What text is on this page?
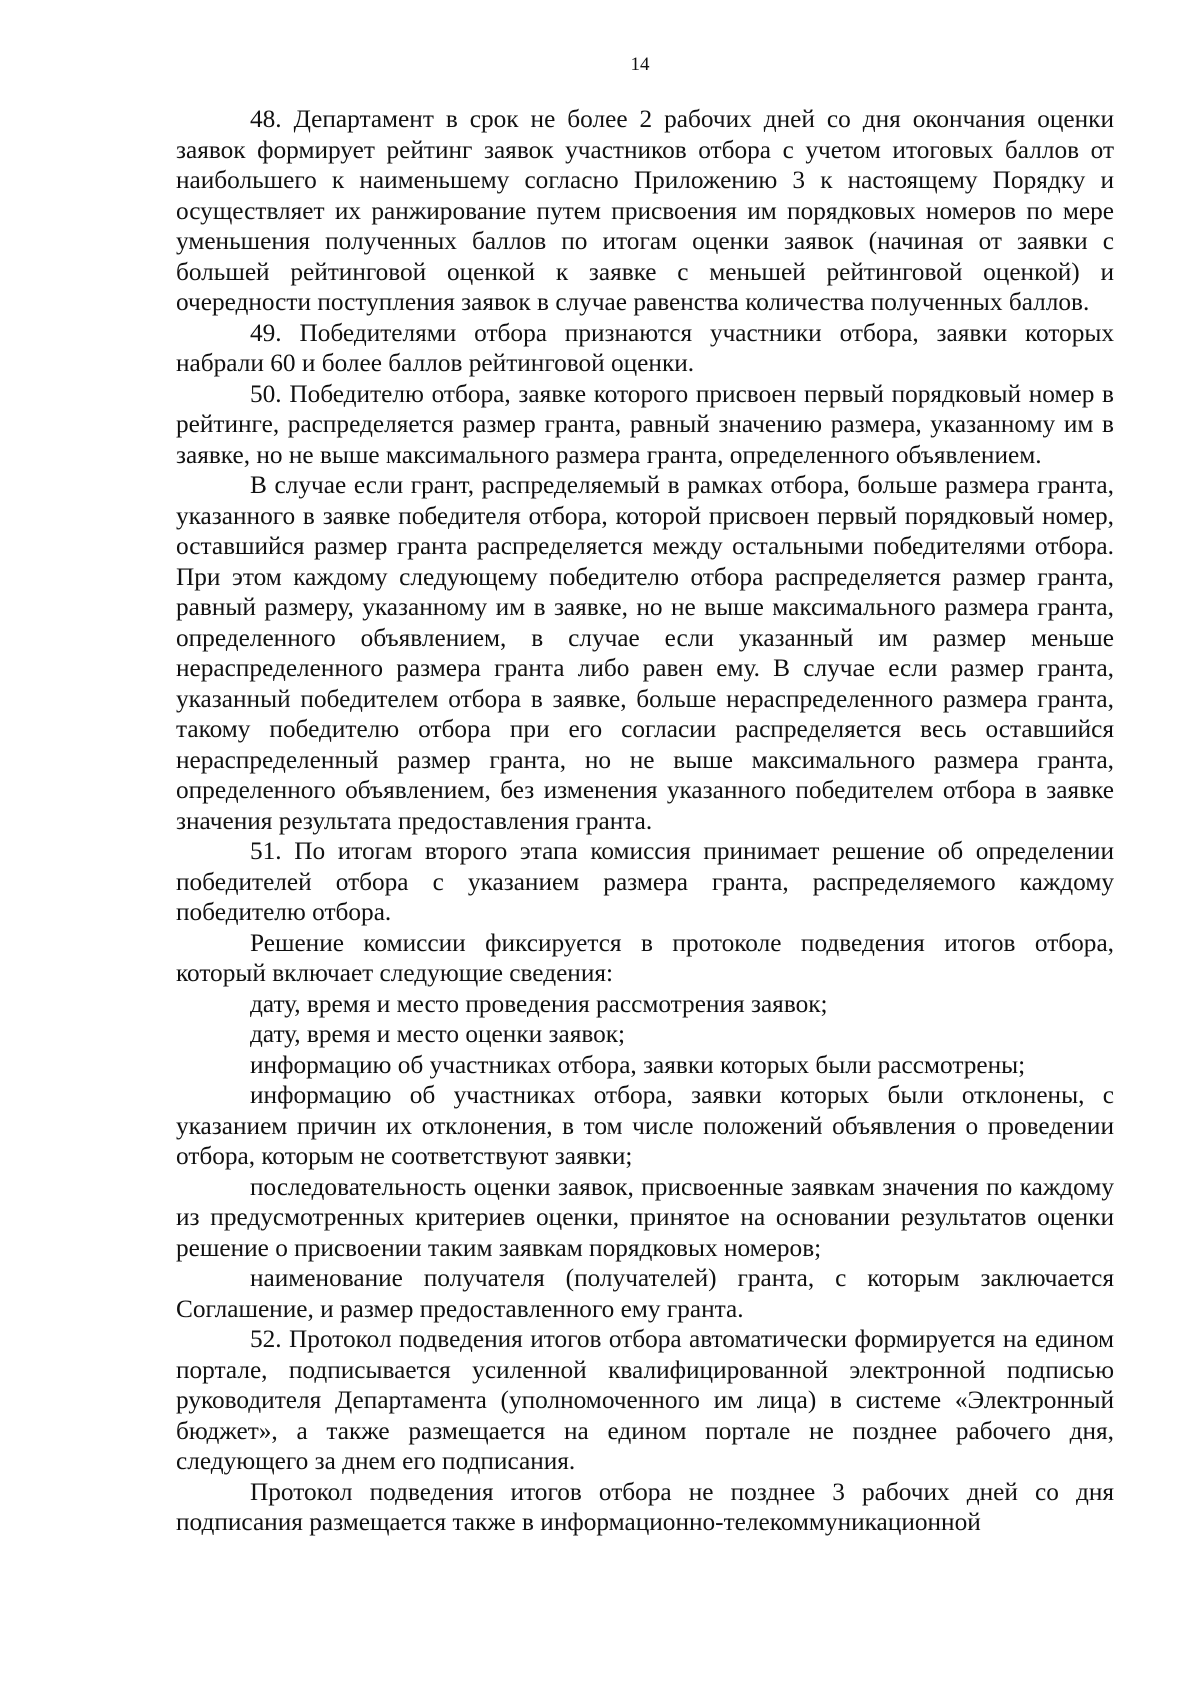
14

48. Департамент в срок не более 2 рабочих дней со дня окончания оценки заявок формирует рейтинг заявок участников отбора с учетом итоговых баллов от наибольшего к наименьшему согласно Приложению 3 к настоящему Порядку и осуществляет их ранжирование путем присвоения им порядковых номеров по мере уменьшения полученных баллов по итогам оценки заявок (начиная от заявки с большей рейтинговой оценкой к заявке с меньшей рейтинговой оценкой) и очередности поступления заявок в случае равенства количества полученных баллов.

49. Победителями отбора признаются участники отбора, заявки которых набрали 60 и более баллов рейтинговой оценки.

50. Победителю отбора, заявке которого присвоен первый порядковый номер в рейтинге, распределяется размер гранта, равный значению размера, указанному им в заявке, но не выше максимального размера гранта, определенного объявлением.

В случае если грант, распределяемый в рамках отбора, больше размера гранта, указанного в заявке победителя отбора, которой присвоен первый порядковый номер, оставшийся размер гранта распределяется между остальными победителями отбора. При этом каждому следующему победителю отбора распределяется размер гранта, равный размеру, указанному им в заявке, но не выше максимального размера гранта, определенного объявлением, в случае если указанный им размер меньше нераспределенного размера гранта либо равен ему. В случае если размер гранта, указанный победителем отбора в заявке, больше нераспределенного размера гранта, такому победителю отбора при его согласии распределяется весь оставшийся нераспределенный размер гранта, но не выше максимального размера гранта, определенного объявлением, без изменения указанного победителем отбора в заявке значения результата предоставления гранта.

51. По итогам второго этапа комиссия принимает решение об определении победителей отбора с указанием размера гранта, распределяемого каждому победителю отбора.

Решение комиссии фиксируется в протоколе подведения итогов отбора, который включает следующие сведения:

дату, время и место проведения рассмотрения заявок;

дату, время и место оценки заявок;

информацию об участниках отбора, заявки которых были рассмотрены;

информацию об участниках отбора, заявки которых были отклонены, с указанием причин их отклонения, в том числе положений объявления о проведении отбора, которым не соответствуют заявки;

последовательность оценки заявок, присвоенные заявкам значения по каждому из предусмотренных критериев оценки, принятое на основании результатов оценки решение о присвоении таким заявкам порядковых номеров;

наименование получателя (получателей) гранта, с которым заключается Соглашение, и размер предоставленного ему гранта.

52. Протокол подведения итогов отбора автоматически формируется на едином портале, подписывается усиленной квалифицированной электронной подписью руководителя Департамента (уполномоченного им лица) в системе «Электронный бюджет», а также размещается на едином портале не позднее рабочего дня, следующего за днем его подписания.

Протокол подведения итогов отбора не позднее 3 рабочих дней со дня подписания размещается также в информационно-телекоммуникационной
